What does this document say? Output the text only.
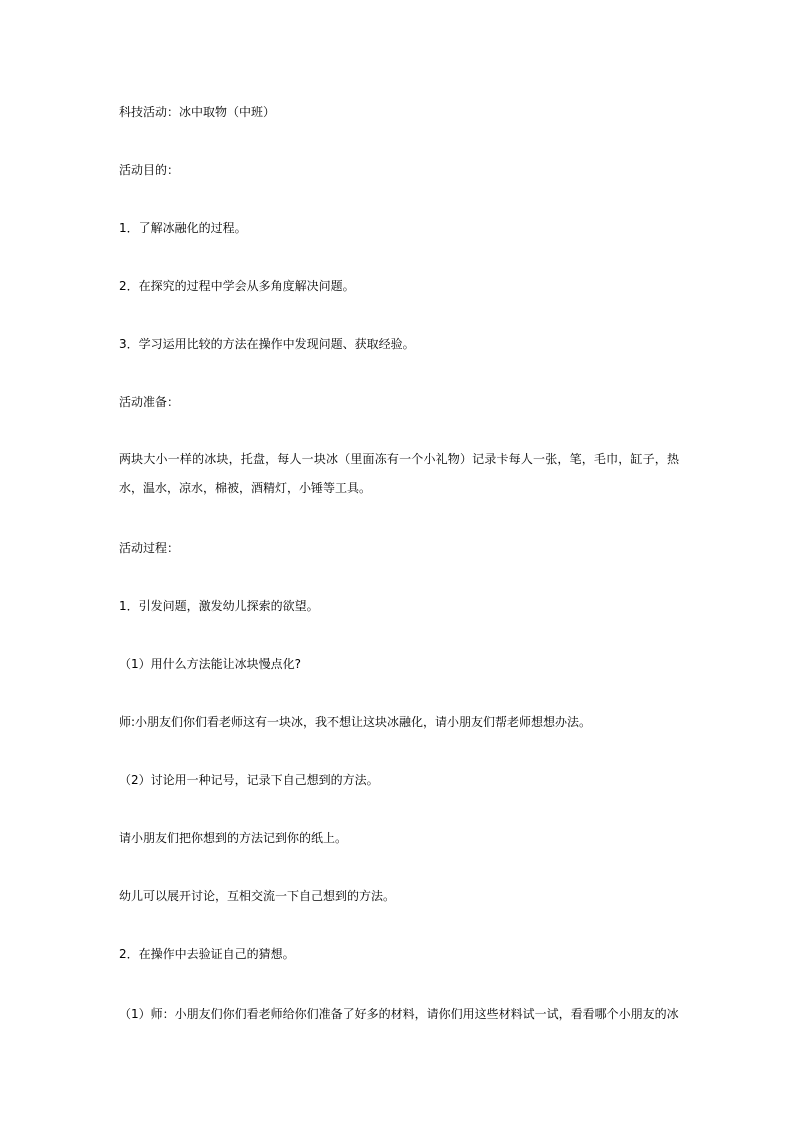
科技活动：冰中取物（中班）
活动目的：
1．了解冰融化的过程。
2．在探究的过程中学会从多角度解决问题。
3．学习运用比较的方法在操作中发现问题、获取经验。
活动准备：
两块大小一样的冰块，托盘，每人一块冰（里面冻有一个小礼物）记录卡每人一张，笔，毛巾，缸子，热水，温水，凉水，棉被，酒精灯，小锤等工具。
活动过程：
1．引发问题，激发幼儿探索的欲望。
（1）用什么方法能让冰块慢点化?
师:小朋友们你们看老师这有一块冰，我不想让这块冰融化，请小朋友们帮老师想想办法。
（2）讨论用一种记号，记录下自己想到的方法。
请小朋友们把你想到的方法记到你的纸上。
幼儿可以展开讨论，互相交流一下自己想到的方法。
2．在操作中去验证自己的猜想。
（1）师：小朋友们你们看老师给你们准备了好多的材料，请你们用这些材料试一试，看看哪个小朋友的冰
